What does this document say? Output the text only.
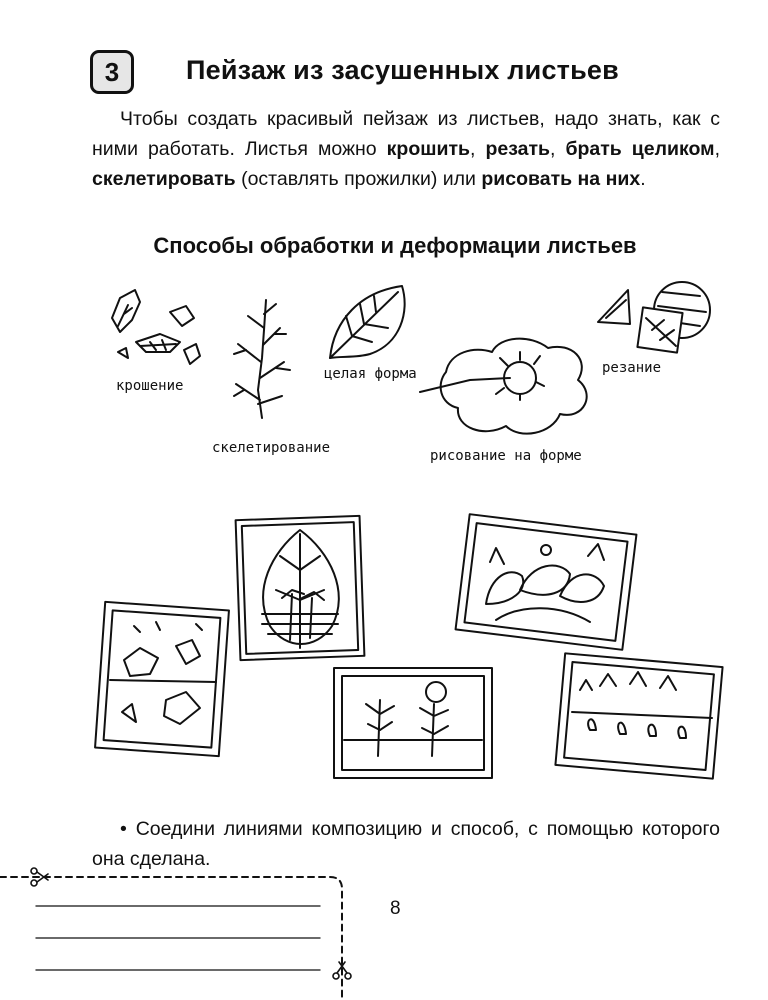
3 Пейзаж из засушенных листьев

Чтобы создать красивый пейзаж из листьев, надо знать, как с ними работать. Листья можно крошить, резать, брать целиком, скелетировать (оставлять прожилки) или рисовать на них.

Способы обработки и деформации листьев
крошение
скелетирование
целая форма
рисование на форме
резание

• Соедини линиями композицию и способ, с помощью которого она сделана.

8
